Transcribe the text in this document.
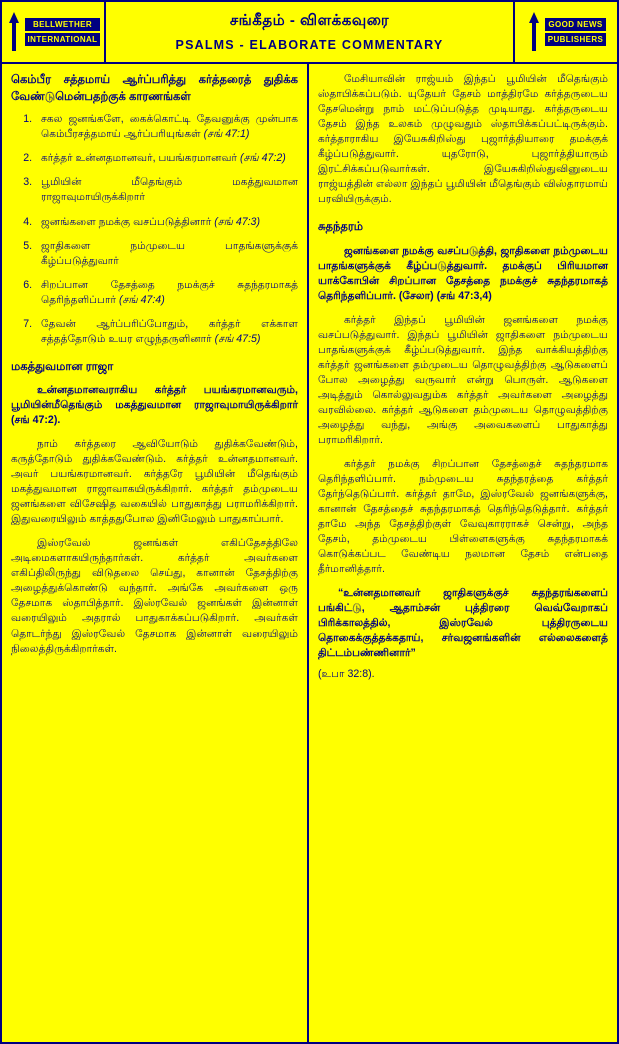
BELLWETHER
INTERNATIONAL
சங்கீதம் - விளக்கவுரை
PSALMS - ELABORATE COMMENTARY
GOOD NEWS
PUBLISHERS
கெம்பீர சத்தமாய் ஆர்ப்பரித்து கர்த்தரைத் துதிக்க வேண்டுமென்பதற்குக் காரணங்கள்
1. சகல ஜனங்களே, கைக்கொட்டி தேவனுக்கு முன்பாக கெம்பீரசத்தமாய் ஆர்ப்பரியுங்கள் (சங் 47:1)
2. கர்த்தர் உன்னதமானவர், பயங்கரமானவர் (சங் 47:2)
3. பூமியின் மீதெங்கும் மகத்துவமான ராஜாவுமாயிருக்கிறார்
4. ஜனங்களை நமக்கு வசப்படுத்தினார் (சங் 47:3)
5. ஜாதிகளை நம்முடைய பாதங்களுக்குக் கீழ்ப்படுத்துவார்
6. சிறப்பான தேசத்தை நமக்குச் சுதந்தரமாகத் தெரிந்தளிப்பார் (சங் 47:4)
7. தேவன் ஆர்ப்பரிப்போதும், கர்த்தர் எக்காள சத்தத்தோடும் உயர எழுந்தருளினார் (சங் 47:5)
மகத்துவமான ராஜா

உன்னதமானவராகிய கர்த்தர் பயங்கரமானவரும், பூமியின்மீதெங்கும் மகத்துவமான ராஜாவுமாயிருக்கிறார் (சங் 47:2).

நாம் கர்த்தரை ஆவியோடும் துதிக்கவேண்டும், கருத்தோடும் துதிக்கவேண்டும். கர்த்தர் உன்னதமானவர். அவர் பயங்கரமானவர். கர்த்தரே பூமியின் மீதெங்கும் மகத்துவமான ராஜாவாகயிருக்கிறார். கர்த்தர் தம்முடைய ஜனங்களை விசேஷித வகையில் பாதுகாத்து பராமரிக்கிறார். இதுவரையிலும் காத்ததுபோல இனிமேலும் பாதுகாப்பார்.

இஸ்ரவேல் ஜனங்கள் எகிப்தேசத்திலே அடிமைகளாகயிருந்தார்கள். கர்த்தர் அவர்களை எகிப்திலிருந்து விடுதலை செய்து, கானான் தேசத்திற்கு அழைத்துக்கொண்டு வந்தார். அங்கே அவர்களை ஒரு தேசமாக ஸ்தாபித்தார். இஸ்ரவேல் ஜனங்கள் இன்னாள் வரையிலும் அதரால் பாதுகாக்கப்படுகிறார். அவர்கள் தொடர்ந்து இஸ்ரவேல் தேசமாக இன்னாள் வரையிலும் நிலைத்திருக்கிறார்கள்.

மேசியாவின் ராஜ்யம் இந்தப் பூமியின் மீதெங்கும் ஸ்தாபிக்கப்படும். யுதேயர் தேசம் மாத்திரமே கர்த்தருடைய தேசமென்று நாம் மட்டுப்படுத்த முடியாது. கர்த்தருடைய தேசம் இந்த உலகம் முழுவதும் ஸ்தாபிக்கப்பட்டிருக்கும். கர்த்தாராகிய இயேசுகிறிஸ்து புஜார்த்தியாரை தமக்குக் கீழ்ப்படுத்துவார். யுதரோடு, புஜார்த்தியாரும் இரட்சிக்கப்படுவார்கள். இயேசுகிறிஸ்துவினுடைய ராஜ்யத்தின் எல்லா இந்தப் பூமியின் மீதெங்கும் விஸ்தாரமாய் பரவியிருக்கும்.

சுதந்தரம்

ஜனங்களை நமக்கு வசப்படுத்தி, ஜாதிகளை நம்முடைய பாதங்களுக்குக் கீழ்ப்படுத்துவார். தமக்குப் பிரியமான யாக்கோபின் சிறப்பான தேசத்தை நமக்குச் சுதந்தரமாகத் தெரிந்தளிப்பார். (சேலா) (சங் 47:3,4)

கர்த்தர் இந்தப் பூமியின் ஜனங்களை நமக்கு வசப்படுத்துவார். இந்தப் பூமியின் ஜாதிகளை நம்முடைய பாதங்களுக்குக் கீழ்ப்படுத்துவார். இந்த வாக்கியத்திற்கு கர்த்தர் ஜனங்களை தம்முடைய தொழுவத்திற்கு ஆடுகளைப் போல அழைத்து வருவார் என்று பொருள். ஆடுகளை அடித்தும் கொல்லுவதும்க கர்த்தர் அவர்களை அழைத்து வரவில்லை. கர்த்தர் ஆடுகளை தம்முடைய தொழுவத்திற்கு அழைத்து வந்து, அங்கு அவைகளைப் பாதுகாத்து பராமரிகிறார்.

கர்த்தர் நமக்கு சிறப்பான தேசத்தைச் சுதந்தரமாக தெரிந்தளிப்பார். நம்முடைய சுதந்தரத்தை கர்த்தர் தேர்ந்தெடுப்பார். கர்த்தர் தாமே, இஸ்ரவேல் ஜனங்களுக்கு, கானான் தேசத்தைச் சுதந்தரமாகத் தெரிந்தெடுத்தார். கர்த்தர் தாமே அந்த தேசத்திற்குள் வேவுகாரராகச் சென்று, அந்த தேசம், தம்முடைய பிள்ளைகளுக்கு சுதந்தரமாகக் கொடுக்கப்பட வேண்டிய நலமான தேசம் என்பதை தீர்மானித்தார்.

“உன்னதமானவர் ஜாதிகளுக்குச் சுதந்தரங்களைப் பங்கிட்டு, ஆதாம்சன் புத்திரரை வெவ்வேறாகப் பிரிக்காலத்தில், இஸ்ரவேல் புத்திரருடைய தொகைக்குத்தக்கதாய், சர்வஜனங்களின் எல்லைகளைத் திட்டம்பண்ணினார்”

(உபா 32:8).
